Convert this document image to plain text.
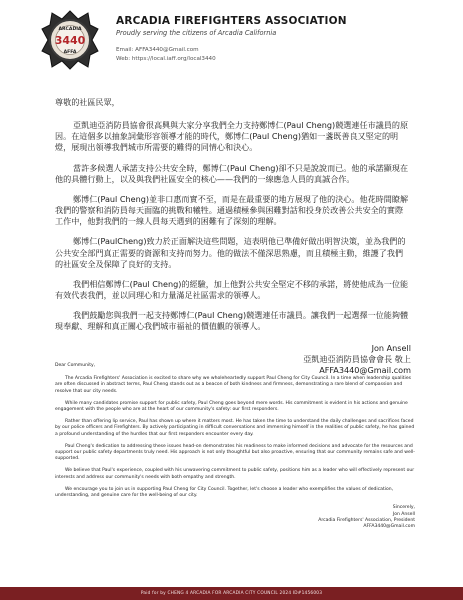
ARCADIA
3440
AFFA
ARCADIA FIREFIGHTERS ASSOCIATION
Proudly serving the citizens of Arcadia California
Email: AFFA3440@Gmail.com
Web: https://local.iaff.org/local3440

尊敬的社區民眾，

亞凱迪亞消防員協會很高興與大家分享我們全力支持鄭博仁(Paul Cheng)競選連任市議員的原因。在這個多以抽象詞彙形容領導才能的時代，鄭博仁(Paul Cheng)猶如一盞既善良又堅定的明燈，展現出領導我們城市所需要的難得的同情心和決心。

當許多候選人承諾支持公共安全時，鄭博仁(Paul Cheng)卻不只是說說而已。他的承諾顯現在他的具體行動上，以及與我們社區安全的核心——我們的一線應急人員的真誠合作。

鄭博仁(Paul Cheng)並非口惠而實不至，而是在最重要的地方展現了他的決心。他花時間瞭解我們的警察和消防員每天面臨的挑戰和犧牲。通過積極參與困難對話和投身於改善公共安全的實際工作中，他對我們的一線人員每天遇到的困難有了深刻的理解。

鄭博仁(PaulCheng)致力於正面解決這些問題，這表明他已準備好做出明智決策，並為我們的公共安全部門真正需要的資源和支持而努力。他的做法不僅深思熟慮，而且積極主動，維護了我們的社區安全及保障了良好的支持。

我們相信鄭博仁(Paul Cheng)的經驗，加上他對公共安全堅定不移的承諾，將使他成為一位能有效代表我們，並以同理心和力量滿足社區需求的領導人。

我們鼓勵您與我們一起支持鄭博仁(Paul Cheng)競選連任市議員。讓我們一起選擇一位能夠體現奉獻、理解和真正關心我們城市福祉的價值觀的領導人。

Jon Ansell
亞凱迪亞消防員協會會長 敬上
AFFA3440@Gmail.com

Dear Community,

The Arcadia Firefighters' Association is excited to share why we wholeheartedly support Paul Cheng for City Council. In a time when leadership qualities are often discussed in abstract terms, Paul Cheng stands out as a beacon of both kindness and firmness, demonstrating a rare blend of compassion and resolve that our city needs.

While many candidates promise support for public safety, Paul Cheng goes beyond mere words. His commitment is evident in his actions and genuine engagement with the people who are at the heart of our community's safety: our first responders.

Rather than offering lip service, Paul has shown up where it matters most. He has taken the time to understand the daily challenges and sacrifices faced by our police officers and Firefighters. By actively participating in difficult conversations and immersing himself in the realities of public safety, he has gained a profound understanding of the hurdles that our first responders encounter every day.

Paul Cheng's dedication to addressing these issues head-on demonstrates his readiness to make informed decisions and advocate for the resources and support our public safety departments truly need. His approach is not only thoughtful but also proactive, ensuring that our community remains safe and well-supported.

We believe that Paul's experience, coupled with his unwavering commitment to public safety, positions him as a leader who will effectively represent our interests and address our community's needs with both empathy and strength.

We encourage you to join us in supporting Paul Cheng for City Council. Together, let's choose a leader who exemplifies the values of dedication, understanding, and genuine care for the well-being of our city.

Sincerely,
Jon Ansell
Arcadia Firefighters' Association, President
AFFA3440@Gmail.com
Paid for by CHENG 4 ARCADIA FOR ARCADIA CITY COUNCIL 2024 ID#1456003
